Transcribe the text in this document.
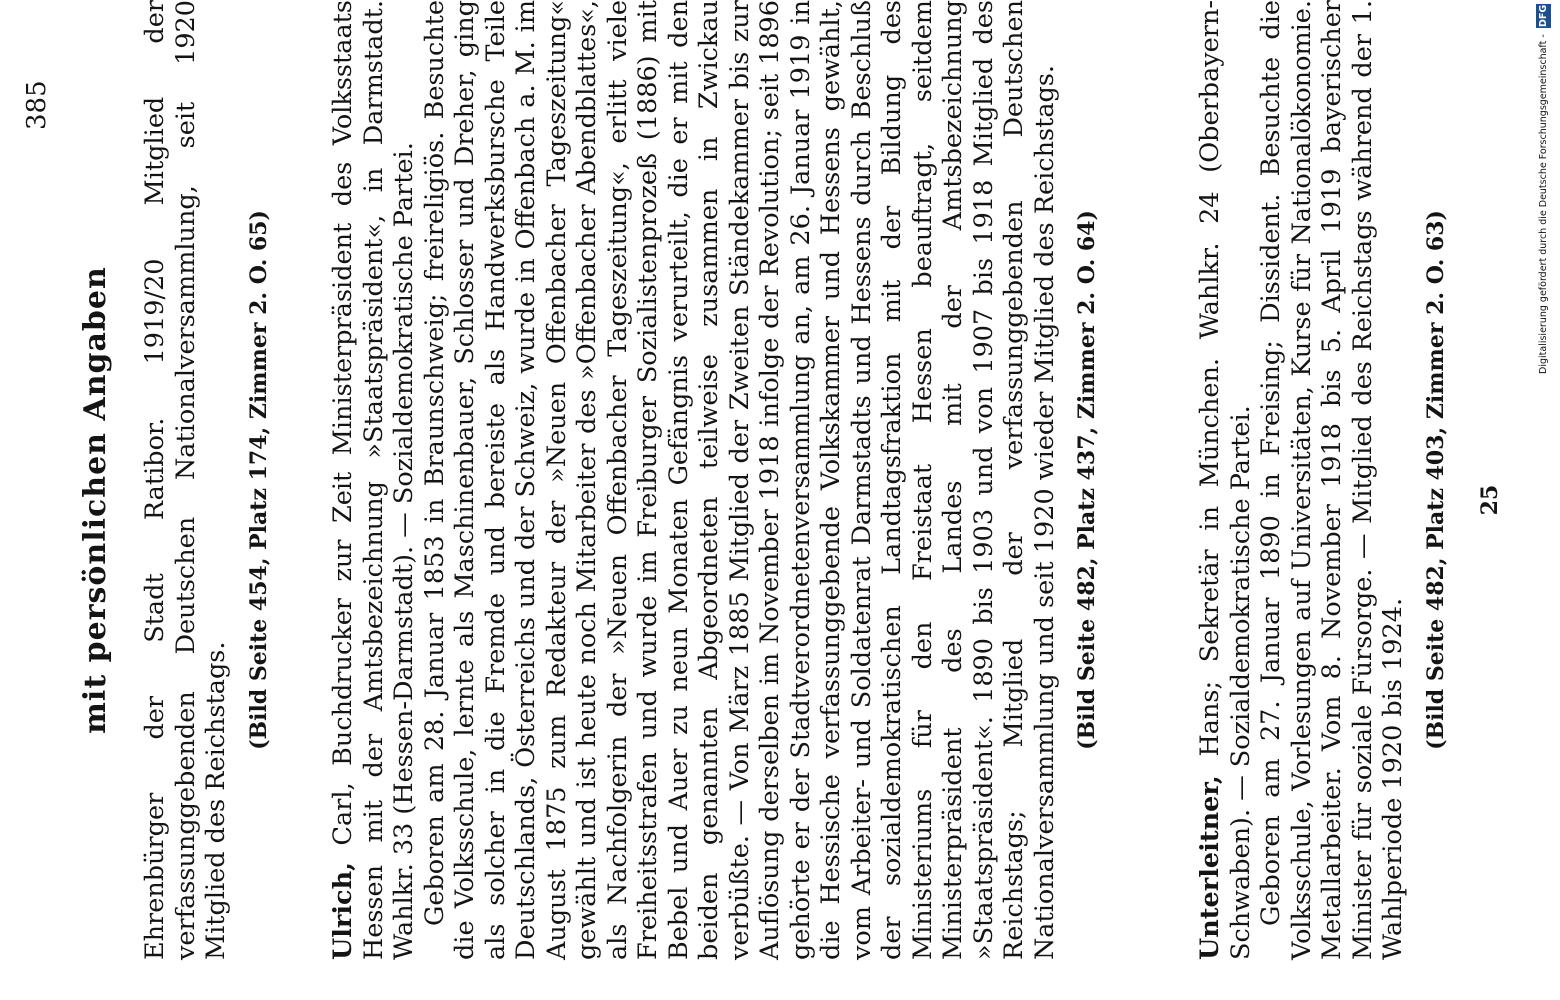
385
mit persönlichen Angaben Ehrenbürger der Stadt Ratibor. 1919/20 Mitglied der verfassunggebenden Deutschen Nationalversammlung, seit 1920 Mitglied des Reichstags.

(Bild Seite 454, Platz 174, Zimmer 2. O. 65)

Ulrich, Carl, Buchdrucker zur Zeit Ministerpräsident des Volksstaats Hessen mit der Amtsbezeichnung »Staatspräsident«, in Darmstadt. Wahlkr. 33 (Hessen-Darmstadt). — Sozialdemokratische Partei. Geboren am 28. Januar 1853 in Braunschweig; freireligiös. Besuchte die Volksschule, lernte als Maschinenbauer, Schlosser und Dreher, ging als solcher in die Fremde und bereiste als Handwerksbursche Teile Deutschlands, Österreichs und der Schweiz, wurde in Offenbach a. M. im August 1875 zum Redakteur der »Neuen Offenbacher Tageszeitung« gewählt und ist heute noch Mitarbeiter des »Offenbacher Abendblattes«, als Nachfolgerin der »Neuen Offenbacher Tageszeitung«, erlitt viele Freiheitsstrafen und wurde im Freiburger Sozialistenprozeß (1886) mit Bebel und Auer zu neun Monaten Gefängnis verurteilt, die er mit den beiden genannten Abgeordneten teilweise zusammen in Zwickau verbüßte. — Von März 1885 Mitglied der Zweiten Ständekammer bis zur Auflösung derselben im November 1918 infolge der Revolution; seit 1896 gehörte er der Stadtverordnetenversammlung an, am 26. Januar 1919 in die Hessische verfassunggebende Volkskammer und Hessens gewählt, vom Arbeiter- und Soldatenrat Darmstadts und Hessens durch Beschluß der sozialdemokratischen Landtagsfraktion mit der Bildung des Ministeriums für den Freistaat Hessen beauftragt, seitdem Ministerpräsident des Landes mit der Amtsbezeichnung »Staatspräsident«. 1890 bis 1903 und von 1907 bis 1918 Mitglied des Reichstags; Mitglied der verfassunggebenden Deutschen Nationalversammlung und seit 1920 wieder Mitglied des Reichstags. (Bild Seite 482, Platz 437, Zimmer 2. O. 64)

Unterleitner, Hans; Sekretär in München. Wahlkr. 24 (Oberbayern-Schwaben). — Sozialdemokratische Partei. Geboren am 27. Januar 1890 in Freising; Dissident. Besuchte die Volksschule, Vorlesungen auf Universitäten, Kurse für Nationalökonomie. Metallarbeiter. Vom 8. November 1918 bis 5. April 1919 bayerischer Minister für soziale Fürsorge. — Mitglied des Reichstags während der 1. Wahlperiode 1920 bis 1924.

(Bild Seite 482, Platz 403, Zimmer 2. O. 63) 25
Digitalisierung gefördert durch die Deutsche Forschungsgemeinschaft - DFG
